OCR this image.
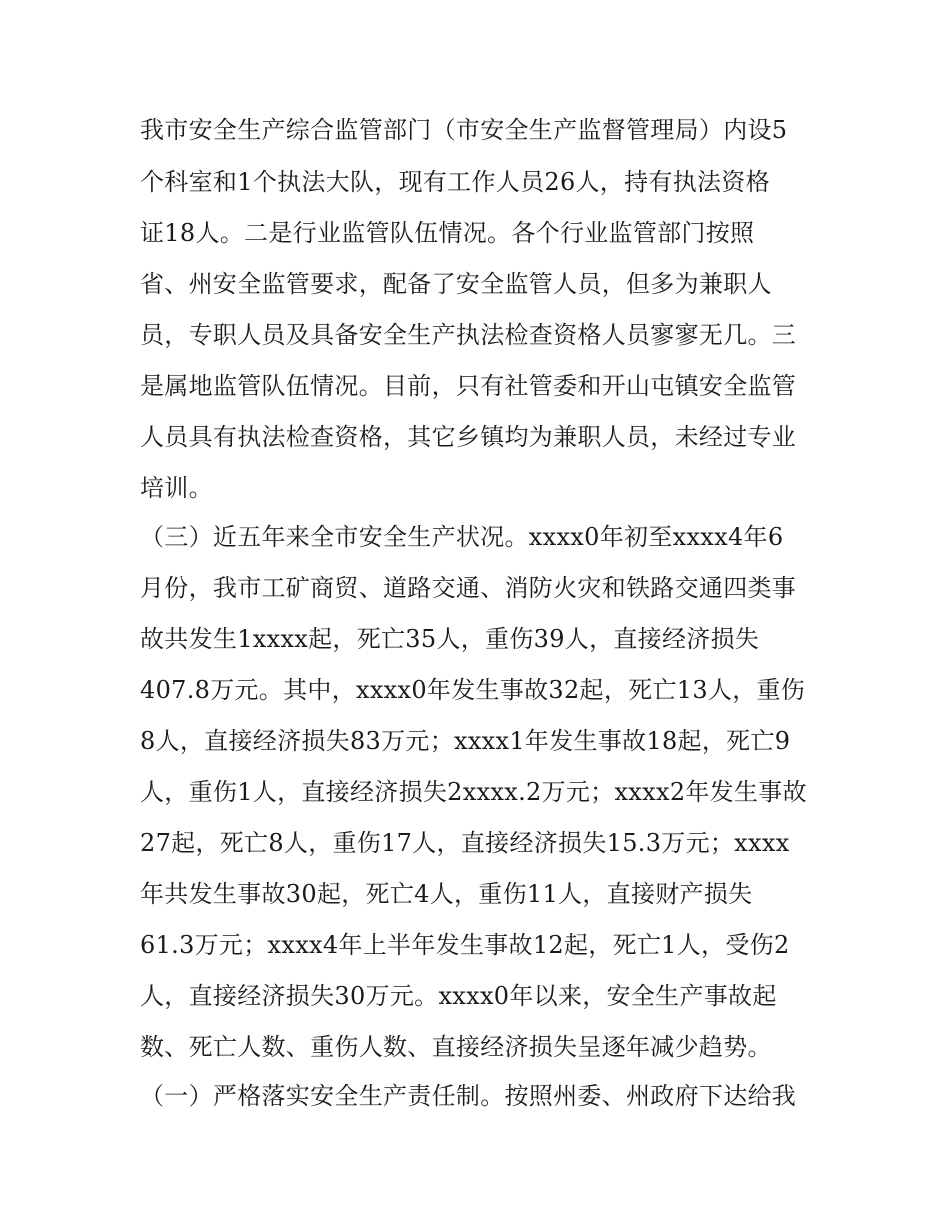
我市安全生产综合监管部门（市安全生产监督管理局）内设5
个科室和1个执法大队，现有工作人员26人，持有执法资格
证18人。二是行业监管队伍情况。各个行业监管部门按照
省、州安全监管要求，配备了安全监管人员，但多为兼职人
员，专职人员及具备安全生产执法检查资格人员寥寥无几。三
是属地监管队伍情况。目前，只有社管委和开山屯镇安全监管
人员具有执法检查资格，其它乡镇均为兼职人员，未经过专业
培训。
（三）近五年来全市安全生产状况。xxxx0年初至xxxx4年6
月份，我市工矿商贸、道路交通、消防火灾和铁路交通四类事
故共发生1xxxx起，死亡35人，重伤39人，直接经济损失
407.8万元。其中，xxxx0年发生事故32起，死亡13人，重伤
8人，直接经济损失83万元；xxxx1年发生事故18起，死亡9
人，重伤1人，直接经济损失2xxxx.2万元；xxxx2年发生事故
27起，死亡8人，重伤17人，直接经济损失15.3万元；xxxx
年共发生事故30起，死亡4人，重伤11人，直接财产损失
61.3万元；xxxx4年上半年发生事故12起，死亡1人，受伤2
人，直接经济损失30万元。xxxx0年以来，安全生产事故起
数、死亡人数、重伤人数、直接经济损失呈逐年减少趋势。
（一）严格落实安全生产责任制。按照州委、州政府下达给我
